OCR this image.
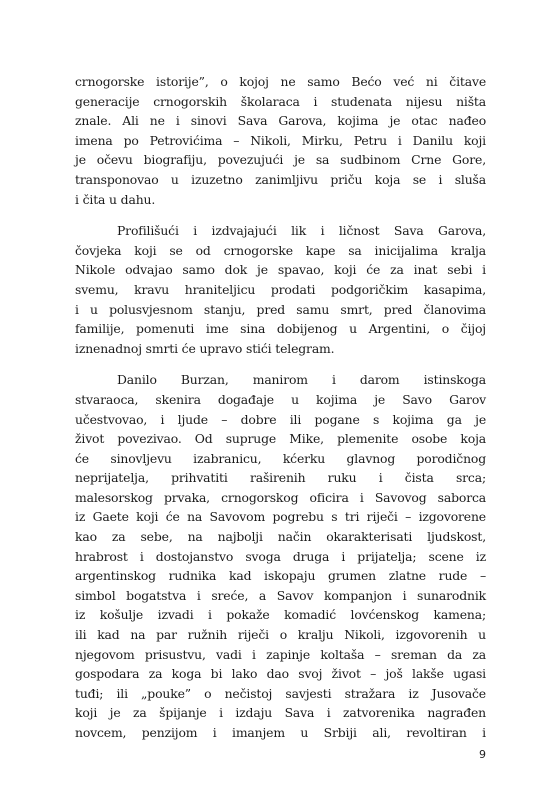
crnogorske istorije”, o kojoj ne samo Bećo već ni čitave
generacije crnogorskih školaraca i studenata nijesu ništa
znale. Ali ne i sinovi Sava Garova, kojima je otac nađeo
imena po Petrovićima – Nikoli, Mirku, Petru i Danilu koji
je očevu biografiju, povezujući je sa sudbinom Crne Gore,
transponovao u izuzetno zanimljivu priču koja se i sluša
i čita u dahu.
Profilišući i izdvajajući lik i ličnost Sava Garova,
čovjeka koji se od crnogorske kape sa inicijalima kralja
Nikole odvajao samo dok je spavao, koji će za inat sebi i
svemu, kravu hraniteljicu prodati podgoričkim kasapima,
i u polusvjesnom stanju, pred samu smrt, pred članovima
familije, pomenuti ime sina dobijenog u Argentini, o čijoj
iznenadnoj smrti će upravo stići telegram.
Danilo Burzan, manirom i darom istinskoga
stvaraoca, skenira događaje u kojima je Savo Garov
učestvovao, i ljude – dobre ili pogane s kojima ga je
život povezivao. Od supruge Mike, plemenite osobe koja
će sinovljevu izabranicu, kćerku glavnog porodičnog
neprijatelja, prihvatiti raširenih ruku i čista srca;
malesorskog prvaka, crnogorskog oficira i Savovog saborca
iz Gaete koji će na Savovom pogrebu s tri riječi – izgovorene
kao za sebe, na najbolji način okarakterisati ljudskost,
hrabrost i dostojanstvo svoga druga i prijatelja; scene iz
argentinskog rudnika kad iskopaju grumen zlatne rude –
simbol bogatstva i sreće, a Savov kompanjon i sunarodnik
iz košulje izvadi i pokaže komadić lovćenskog kamena;
ili kad na par ružnih riječi o kralju Nikoli, izgovorenih u
njegovom prisustvu, vadi i zapinje koltaša – sreman da za
gospodara za koga bi lako dao svoj život – još lakše ugasi
tuđi; ili „pouke” o nečistoj savjesti stražara iz Jusovače
koji je za špijanje i izdaju Sava i zatvorenika nagrađen
novcem, penzijom i imanjem u Srbiji ali, revoltiran i
9
